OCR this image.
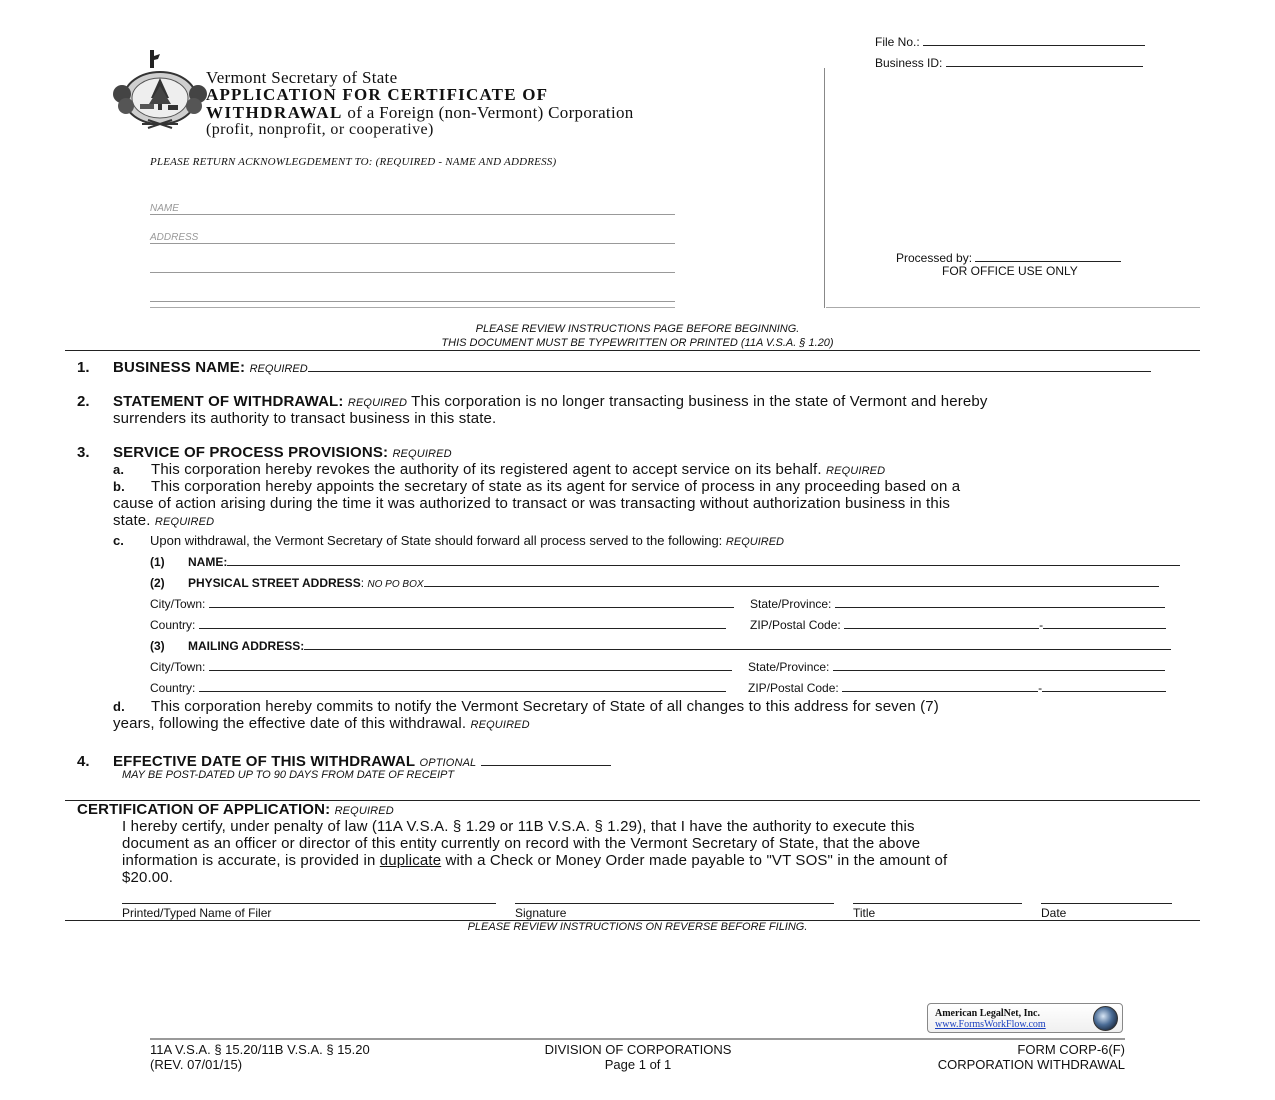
File No.:
Business ID:
Processed by:
FOR OFFICE USE ONLY
Vermont Secretary of State
APPLICATION FOR CERTIFICATE OF
WITHDRAWAL of a Foreign (non-Vermont) Corporation
(profit, nonprofit, or cooperative)
PLEASE RETURN ACKNOWLEGDEMENT TO: (REQUIRED - NAME AND ADDRESS)
NAME
ADDRESS
PLEASE REVIEW INSTRUCTIONS PAGE BEFORE BEGINNING.
THIS DOCUMENT MUST BE TYPEWRITTEN OR PRINTED (11A V.S.A. § 1.20)
1. BUSINESS NAME: REQUIRED
2. STATEMENT OF WITHDRAWAL: REQUIRED This corporation is no longer transacting business in the state of Vermont and hereby
surrenders its authority to transact business in this state.
3. SERVICE OF PROCESS PROVISIONS: REQUIRED
a. This corporation hereby revokes the authority of its registered agent to accept service on its behalf. REQUIRED
b. This corporation hereby appoints the secretary of state as its agent for service of process in any proceeding based on a
cause of action arising during the time it was authorized to transact or was transacting without authorization business in this
state. REQUIRED
c. Upon withdrawal, the Vermont Secretary of State should forward all process served to the following: REQUIRED
(1) NAME:
(2) PHYSICAL STREET ADDRESS: NO PO BOX
City/Town:	State/Province:
Country:	ZIP/Postal Code:	-
(3) MAILING ADDRESS:
City/Town:	State/Province:
Country:	ZIP/Postal Code:	-
d. This corporation hereby commits to notify the Vermont Secretary of State of all changes to this address for seven (7)
years, following the effective date of this withdrawal. REQUIRED
4. EFFECTIVE DATE OF THIS WITHDRAWAL OPTIONAL
MAY BE POST-DATED UP TO 90 DAYS FROM DATE OF RECEIPT
CERTIFICATION OF APPLICATION: REQUIRED
I hereby certify, under penalty of law (11A V.S.A. § 1.29 or 11B V.S.A. § 1.29), that I have the authority to execute this
document as an officer or director of this entity currently on record with the Vermont Secretary of State, that the above
information is accurate, is provided in duplicate with a Check or Money Order made payable to "VT SOS" in the amount of
$20.00.
Printed/Typed Name of Filer	Signature	Title	Date
PLEASE REVIEW INSTRUCTIONS ON REVERSE BEFORE FILING.
American LegalNet, Inc.
www.FormsWorkFlow.com
11A V.S.A. § 15.20/11B V.S.A. § 15.20
(REV. 07/01/15)
DIVISION OF CORPORATIONS
Page 1 of 1
FORM CORP-6(F)
CORPORATION WITHDRAWAL
